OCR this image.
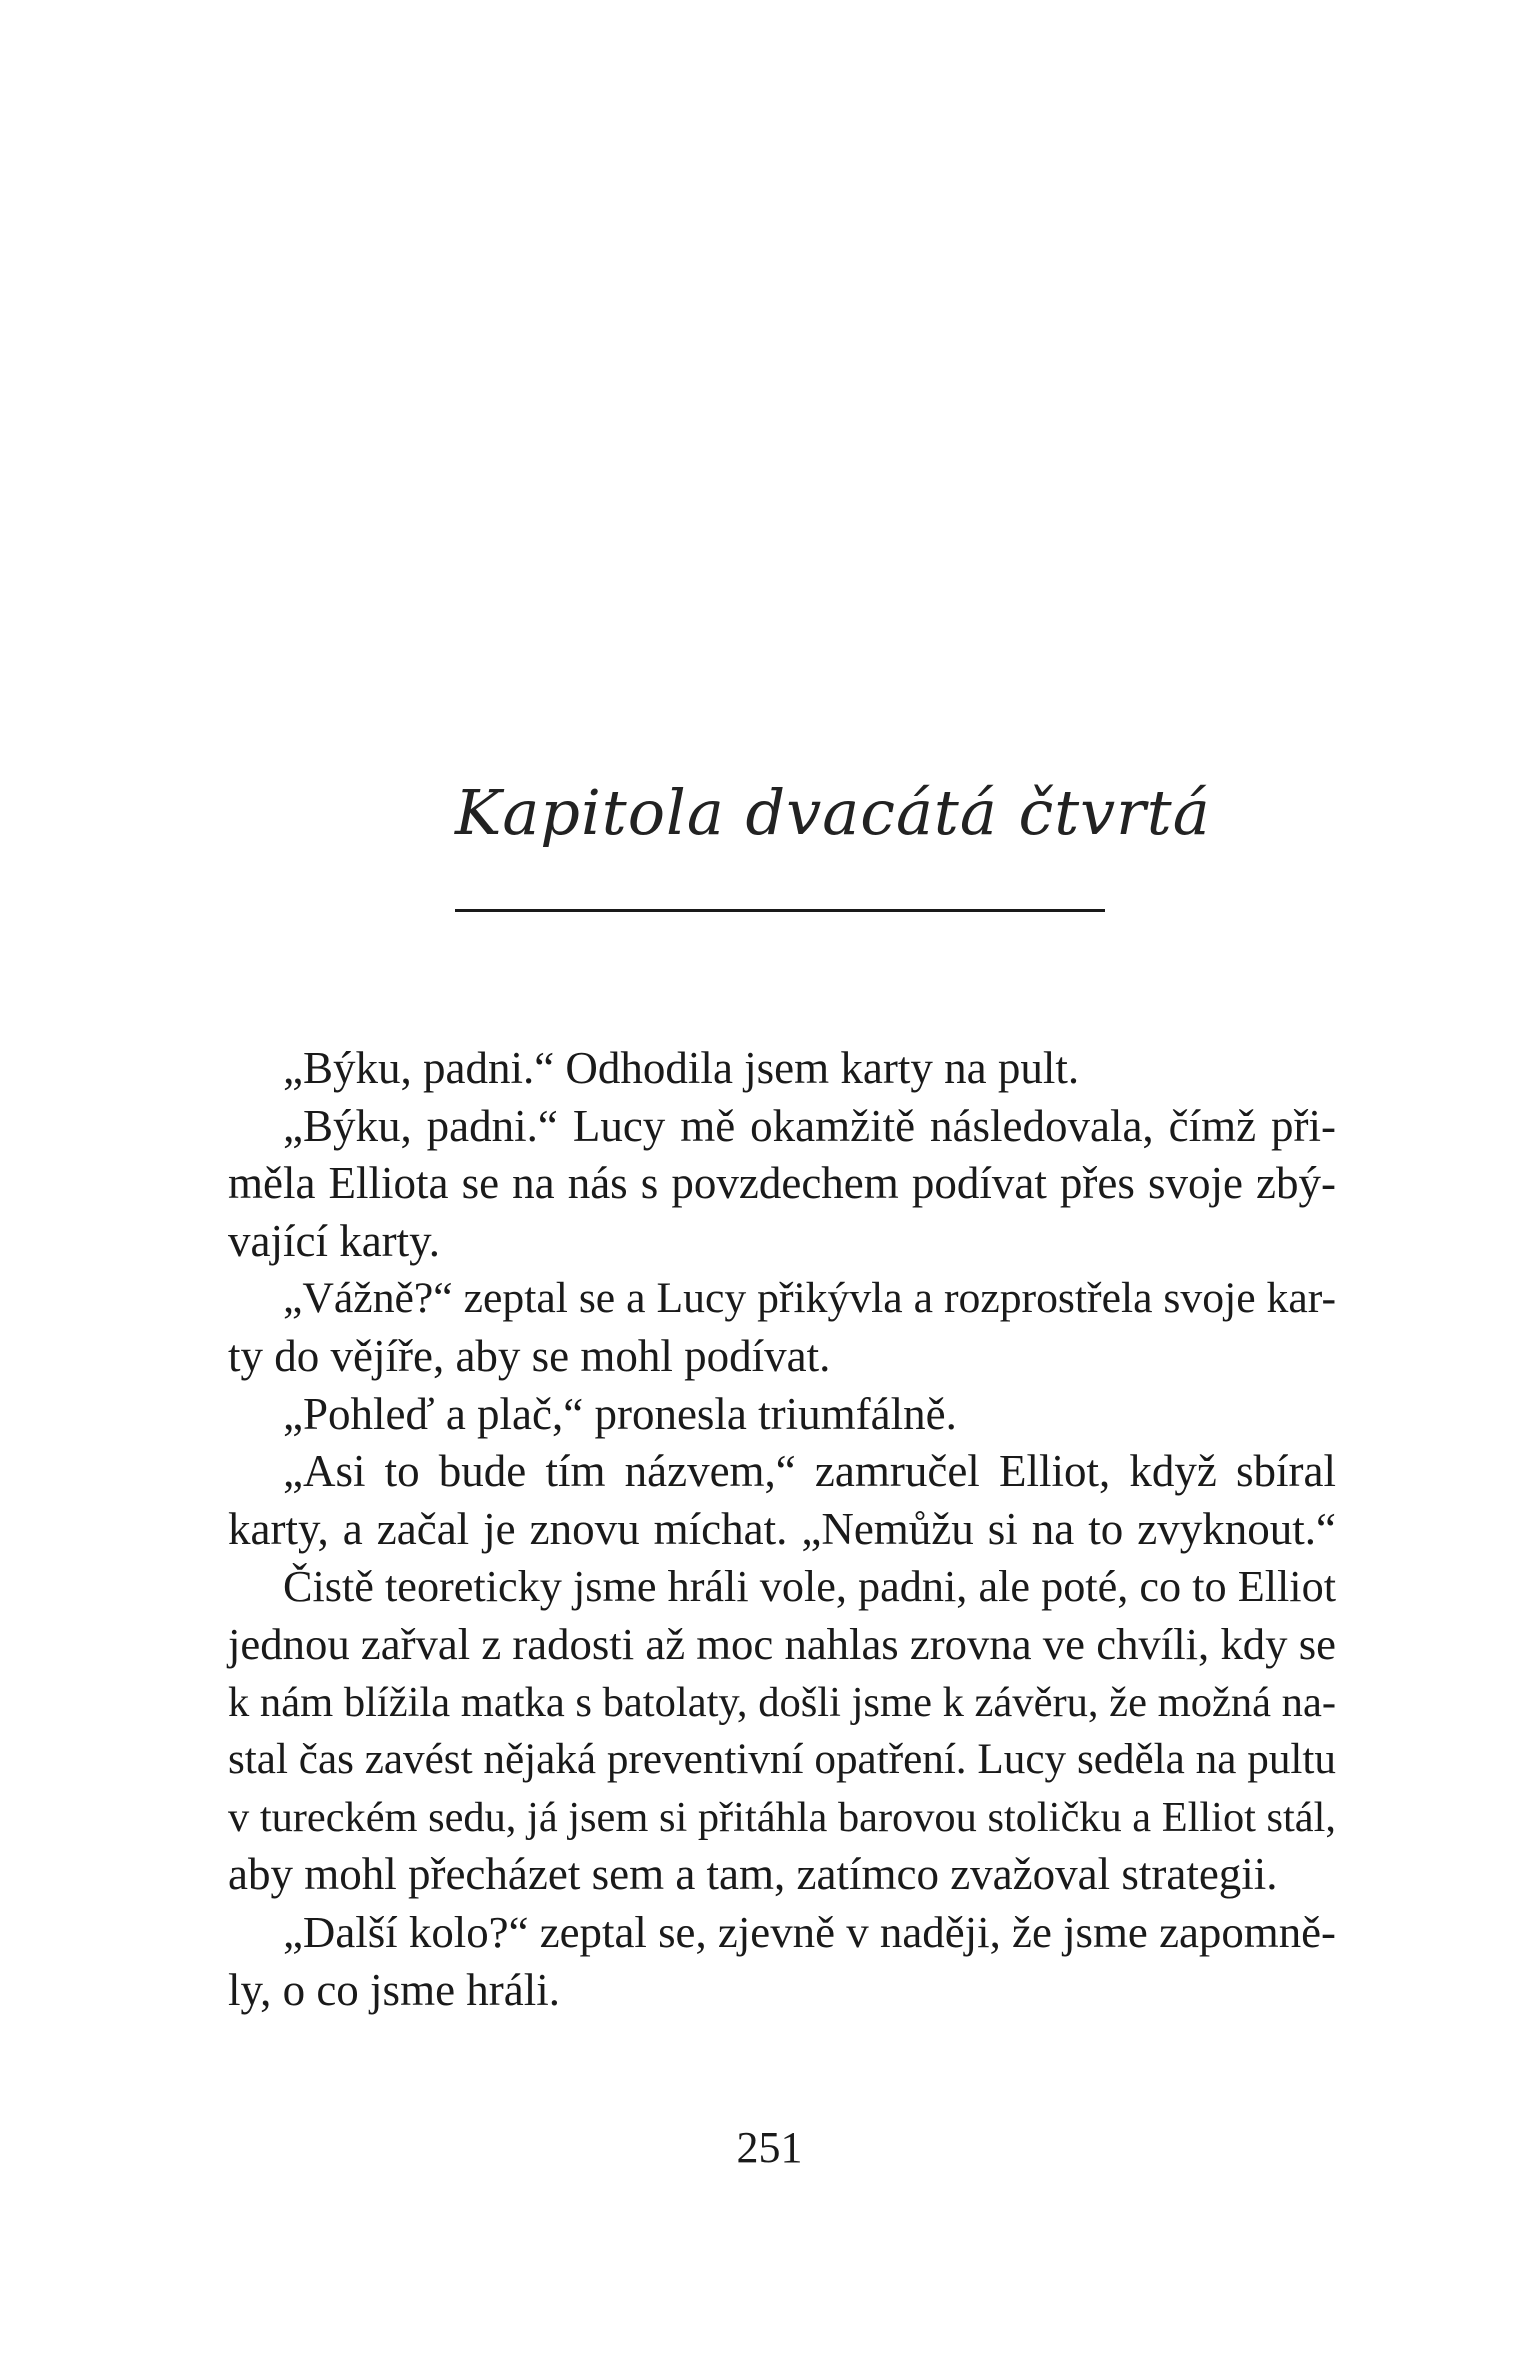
Kapitola dvacátá čtvrtá
„Býku, padni.“ Odhodila jsem karty na pult.
„Býku, padni.“ Lucy mě okamžitě následovala, čímž při-
měla Elliota se na nás s povzdechem podívat přes svoje zbý-
vající karty.
„Vážně?“ zeptal se a Lucy přikývla a rozprostřela svoje kar-
ty do vějíře, aby se mohl podívat.
„Pohleď a plač,“ pronesla triumfálně.
„Asi to bude tím názvem,“ zamručel Elliot, když sbíral
karty, a začal je znovu míchat. „Nemůžu si na to zvyknout.“
Čistě teoreticky jsme hráli vole, padni, ale poté, co to Elliot
jednou zařval z radosti až moc nahlas zrovna ve chvíli, kdy se
k nám blížila matka s batolaty, došli jsme k závěru, že možná na-
stal čas zavést nějaká preventivní opatření. Lucy seděla na pultu
v tureckém sedu, já jsem si přitáhla barovou stoličku a Elliot stál,
aby mohl přecházet sem a tam, zatímco zvažoval strategii.
„Další kolo?“ zeptal se, zjevně v naději, že jsme zapomně-
ly, o co jsme hráli.
251
